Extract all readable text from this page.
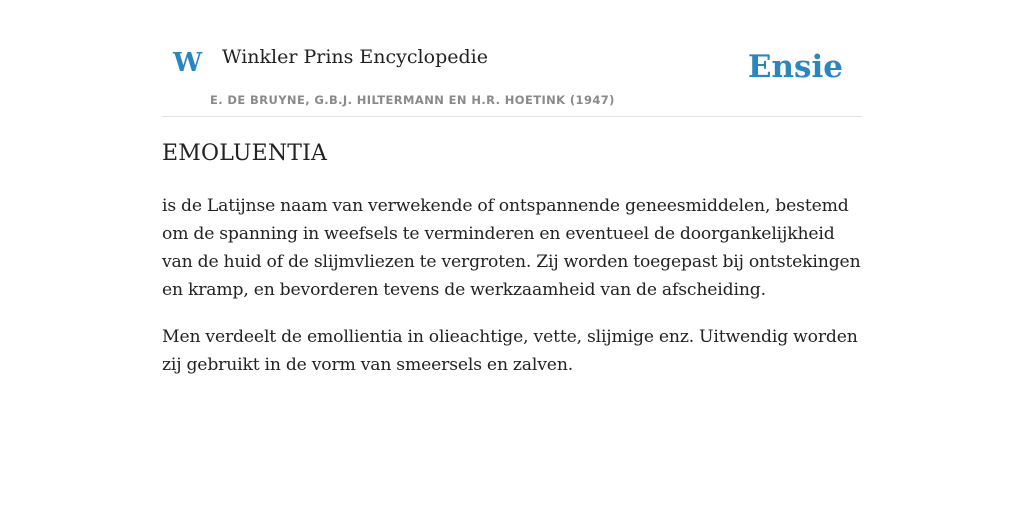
W Winkler Prins Encyclopedie
E. DE BRUYNE, G.B.J. HILTERMANN EN H.R. HOETINK (1947)
Ensie
EMOLUENTIA

is de Latijnse naam van verwekende of ontspannende geneesmiddelen, bestemd om de spanning in weefsels te verminderen en eventueel de doorgankelijkheid van de huid of de slijmvliezen te vergroten. Zij worden toegepast bij ontstekingen en kramp, en bevorderen tevens de werkzaamheid van de afscheiding.

Men verdeelt de emollientia in olieachtige, vette, slijmige enz. Uitwendig worden zij gebruikt in de vorm van smeersels en zalven.
